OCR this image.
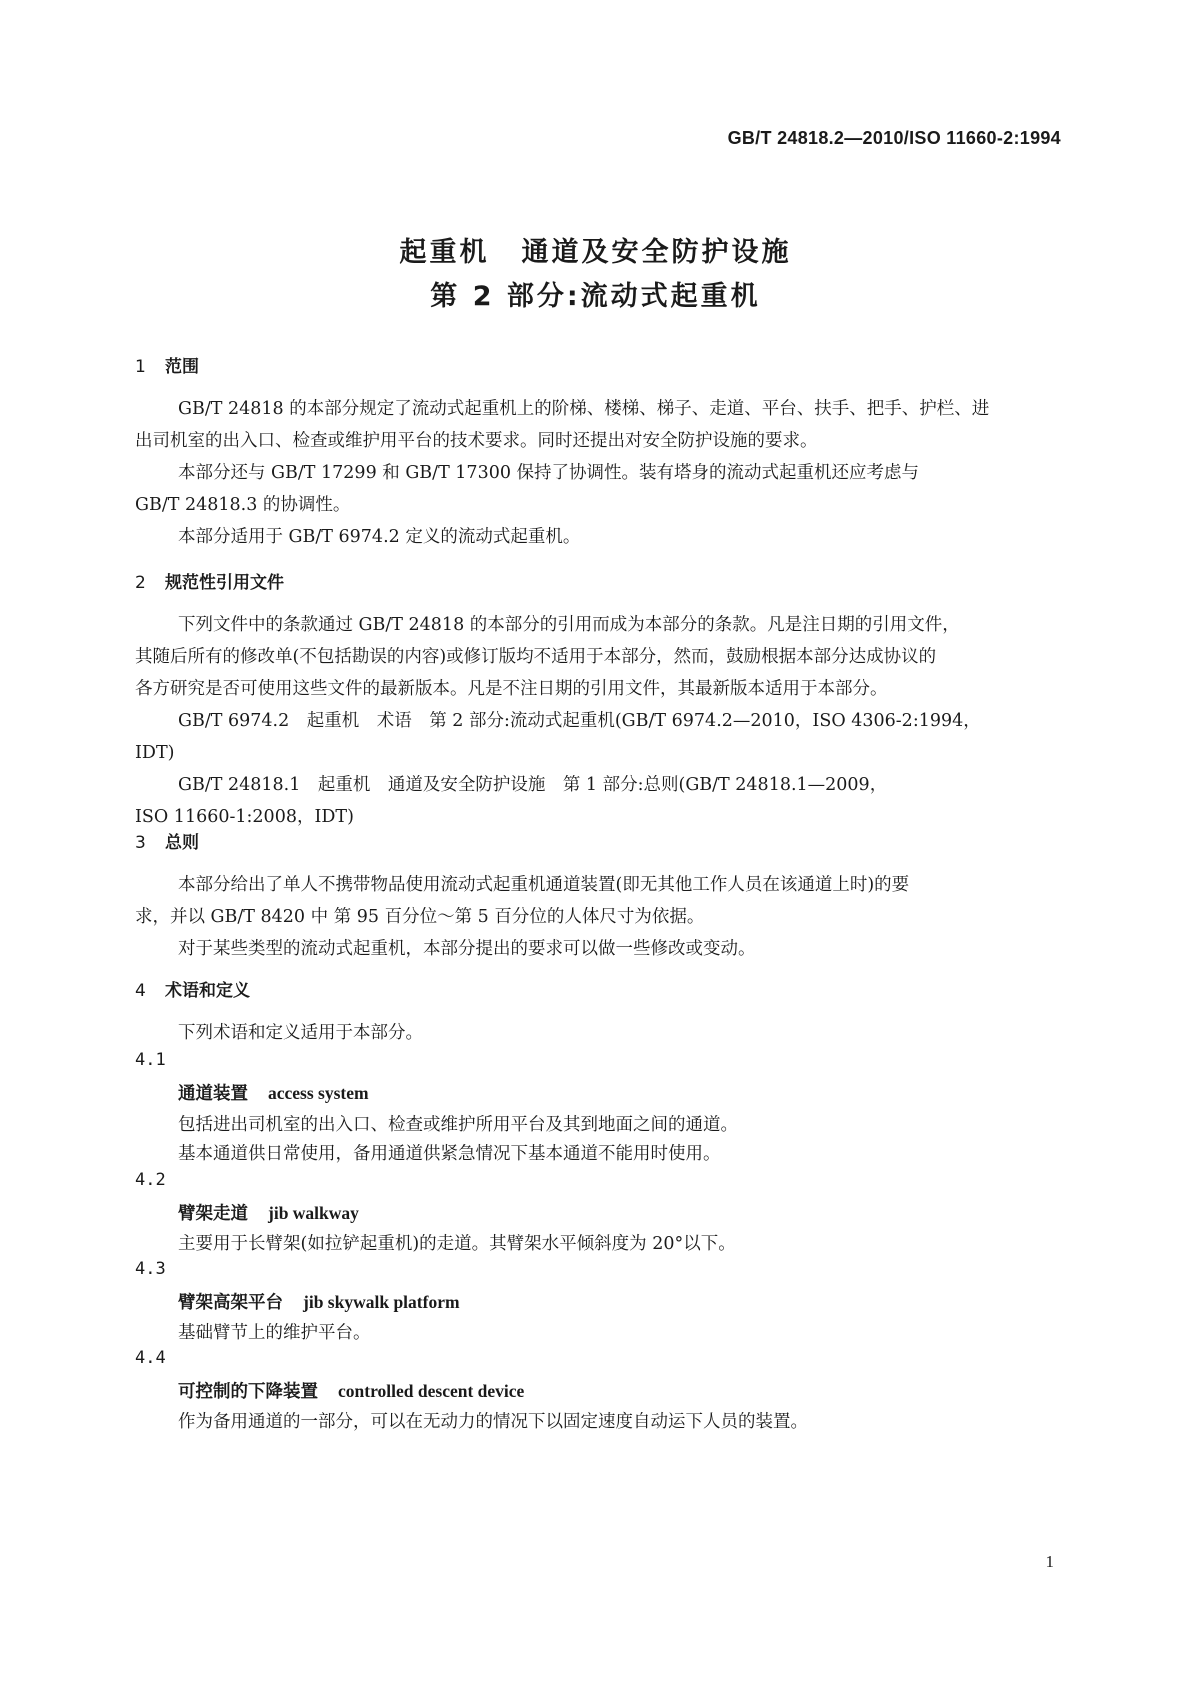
GB/T 24818.2—2010/ISO 11660-2:1994
起重机 通道及安全防护设施
第 2 部分:流动式起重机
1 范围
GB/T 24818 的本部分规定了流动式起重机上的阶梯、楼梯、梯子、走道、平台、扶手、把手、护栏、进
出司机室的出入口、检查或维护用平台的技术要求。同时还提出对安全防护设施的要求。
本部分还与 GB/T 17299 和 GB/T 17300 保持了协调性。装有塔身的流动式起重机还应考虑与
GB/T 24818.3 的协调性。
本部分适用于 GB/T 6974.2 定义的流动式起重机。
2 规范性引用文件
下列文件中的条款通过 GB/T 24818 的本部分的引用而成为本部分的条款。凡是注日期的引用文件，
其随后所有的修改单(不包括勘误的内容)或修订版均不适用于本部分，然而，鼓励根据本部分达成协议的
各方研究是否可使用这些文件的最新版本。凡是不注日期的引用文件，其最新版本适用于本部分。
GB/T 6974.2　起重机　术语　第 2 部分:流动式起重机(GB/T 6974.2—2010，ISO 4306-2:1994，
IDT)
GB/T 24818.1　起重机　通道及安全防护设施　第 1 部分:总则(GB/T 24818.1—2009，
ISO 11660-1:2008，IDT)
3 总则
本部分给出了单人不携带物品使用流动式起重机通道装置(即无其他工作人员在该通道上时)的要
求，并以 GB/T 8420 中 第 95 百分位～第 5 百分位的人体尺寸为依据。
对于某些类型的流动式起重机，本部分提出的要求可以做一些修改或变动。
4 术语和定义
下列术语和定义适用于本部分。
4.1
通道装置 access system
包括进出司机室的出入口、检查或维护所用平台及其到地面之间的通道。
基本通道供日常使用，备用通道供紧急情况下基本通道不能用时使用。
4.2
臂架走道 jib walkway
主要用于长臂架(如拉铲起重机)的走道。其臂架水平倾斜度为 20°以下。
4.3
臂架高架平台 jib skywalk platform
基础臂节上的维护平台。
4.4
可控制的下降装置 controlled descent device
作为备用通道的一部分，可以在无动力的情况下以固定速度自动运下人员的装置。
1
